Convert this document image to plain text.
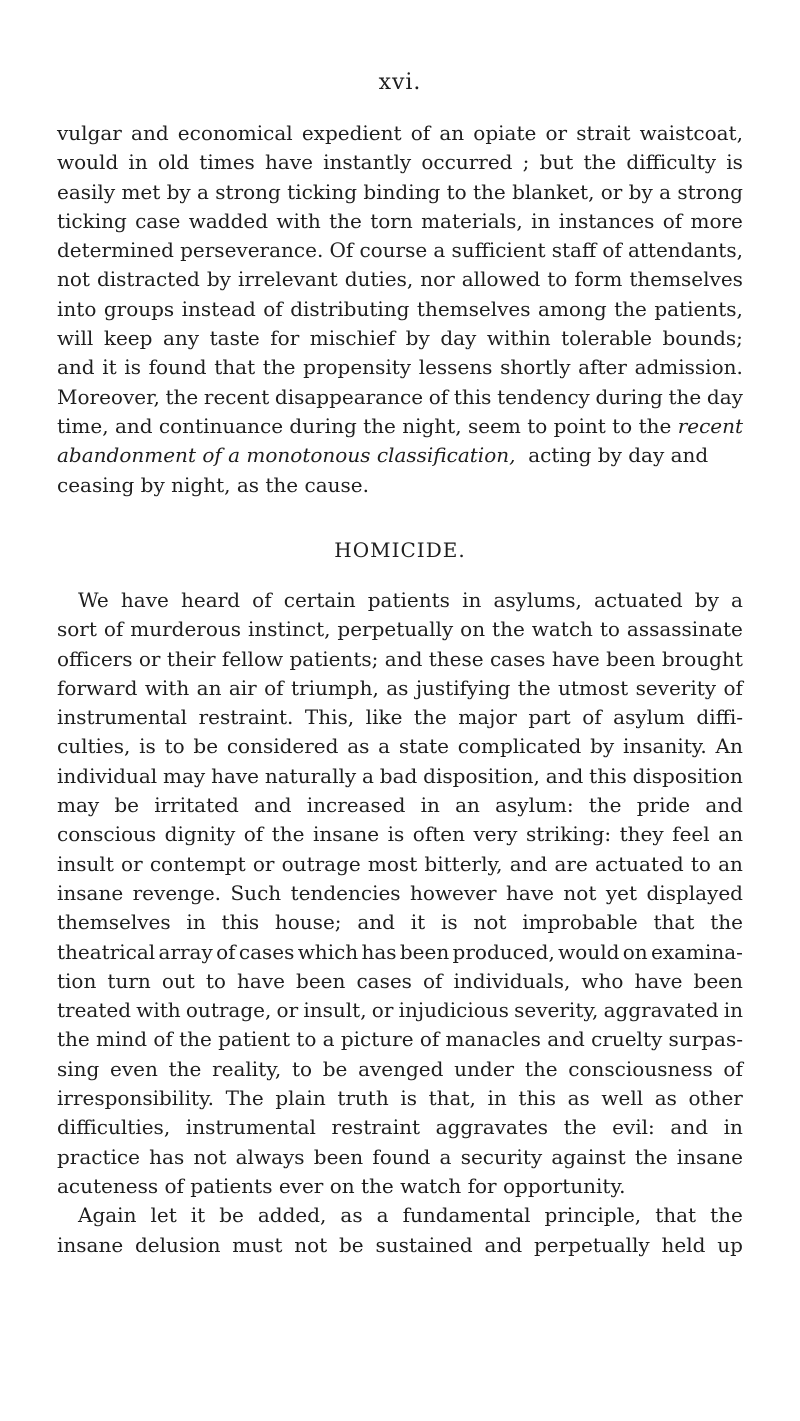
xvi.
vulgar and economical expedient of an opiate or strait waistcoat,
would in old times have instantly occurred ; but the difficulty is
easily met by a strong ticking binding to the blanket, or by a strong
ticking case wadded with the torn materials, in instances of more
determined perseverance. Of course a sufficient staff of attendants,
not distracted by irrelevant duties, nor allowed to form themselves
into groups instead of distributing themselves among the patients,
will keep any taste for mischief by day within tolerable bounds;
and it is found that the propensity lessens shortly after admission.
Moreover, the recent disappearance of this tendency during the day
time, and continuance during the night, seem to point to the
recent
abandonment of a monotonous classification,
acting by day and
ceasing by night, as the cause.
HOMICIDE.
We have heard of certain patients in asylums, actuated by a
sort of murderous instinct, perpetually on the watch to assassinate
officers or their fellow patients; and these cases have been brought
forward with an air of triumph, as justifying the utmost severity of
instrumental restraint. This, like the major part of asylum diffi-
culties, is to be considered as a state complicated by insanity. An
individual may have naturally a bad disposition, and this disposition
may be irritated and increased in an asylum: the pride and
conscious dignity of the insane is often very striking: they feel an
insult or contempt or outrage most bitterly, and are actuated to an
insane revenge. Such tendencies however have not yet displayed
themselves in this house; and it is not improbable that the
theatrical array of cases which has been produced, would on examina-
tion turn out to have been cases of individuals, who have been
treated with outrage, or insult, or injudicious severity, aggravated in
the mind of the patient to a picture of manacles and cruelty surpas-
sing even the reality, to be avenged under the consciousness of
irresponsibility. The plain truth is that, in this as well as other
difficulties, instrumental restraint aggravates the evil: and in
practice has not always been found a security against the insane
acuteness of patients ever on the watch for opportunity.
Again let it be added, as a fundamental principle, that the
insane delusion must not be sustained and perpetually held up
